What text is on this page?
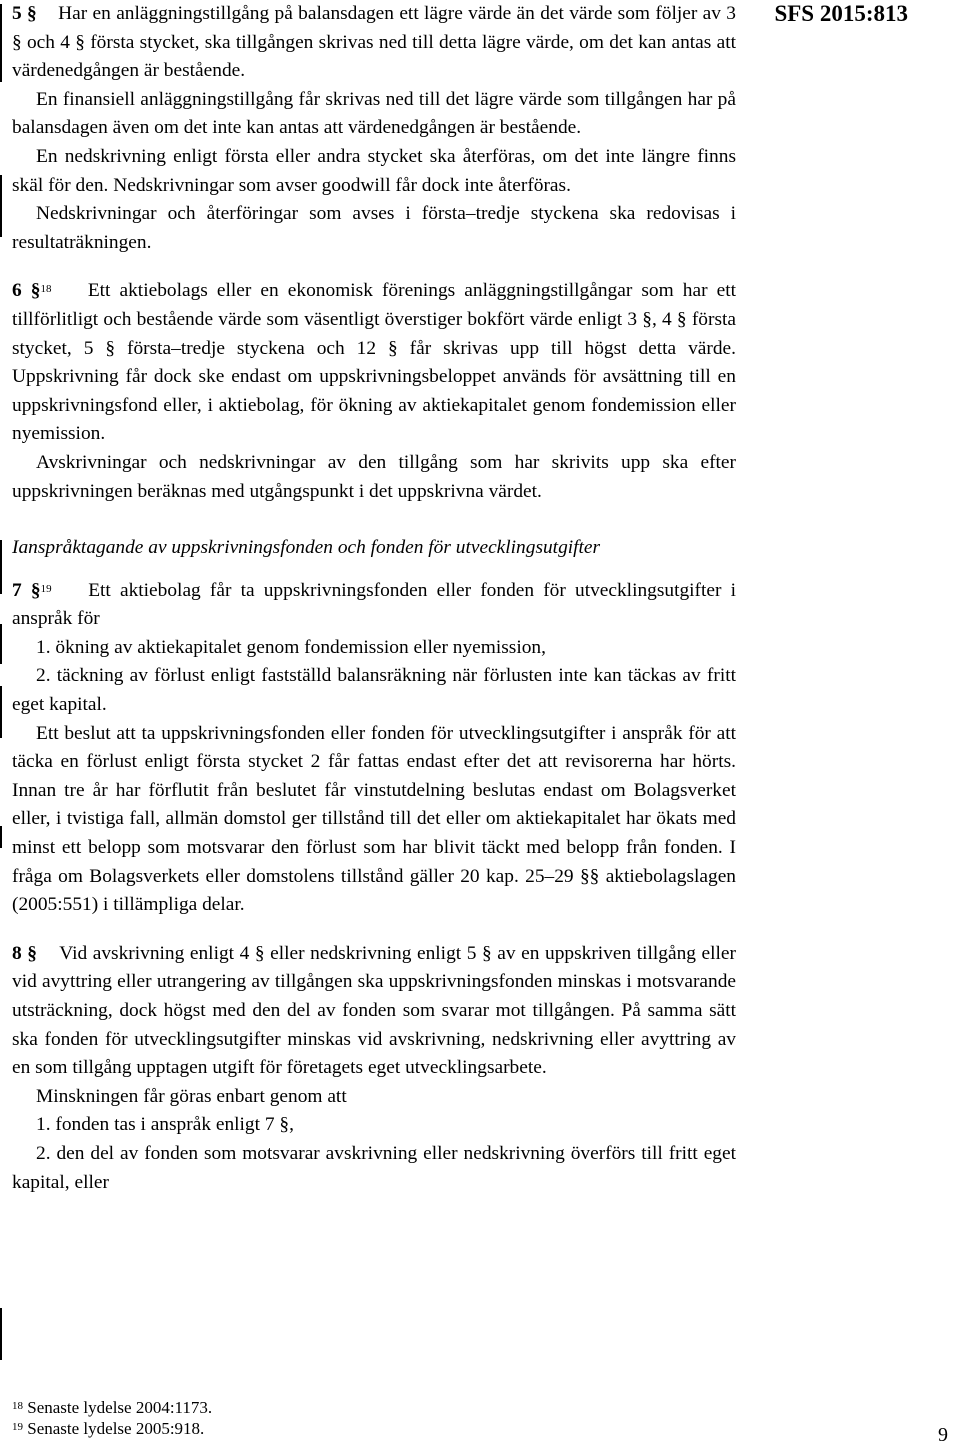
SFS 2015:813

5 § Har en anläggningstillgång på balansdagen ett lägre värde än det värde som följer av 3 § och 4 § första stycket, ska tillgången skrivas ned till detta lägre värde, om det kan antas att värdenedgången är bestående.

En finansiell anläggningstillgång får skrivas ned till det lägre värde som tillgången har på balansdagen även om det inte kan antas att värdenedgången är bestående.

En nedskrivning enligt första eller andra stycket ska återföras, om det inte längre finns skäl för den. Nedskrivningar som avser goodwill får dock inte återföras.

Nedskrivningar och återföringar som avses i första–tredje styckena ska redovisas i resultaträkningen.

6 §$^{18}$ Ett aktiebolags eller en ekonomisk förenings anläggningstillgångar som har ett tillförlitligt och bestående värde som väsentligt överstiger bokfört värde enligt 3 §, 4 § första stycket, 5 § första–tredje styckena och 12 § får skrivas upp till högst detta värde. Uppskrivning får dock ske endast om uppskrivningsbeloppet används för avsättning till en uppskrivningsfond eller, i aktiebolag, för ökning av aktiekapitalet genom fondemission eller nyemission.

Avskrivningar och nedskrivningar av den tillgång som har skrivits upp ska efter uppskrivningen beräknas med utgångspunkt i det uppskrivna värdet.

Ianspråktagande av uppskrivningsfonden och fonden för utvecklingsutgifter

7 §$^{19}$ Ett aktiebolag får ta uppskrivningsfonden eller fonden för utvecklingsutgifter i anspråk för

1. ökning av aktiekapitalet genom fondemission eller nyemission,

2. täckning av förlust enligt fastställd balansräkning när förlusten inte kan täckas av fritt eget kapital.

Ett beslut att ta uppskrivningsfonden eller fonden för utvecklingsutgifter i anspråk för att täcka en förlust enligt första stycket 2 får fattas endast efter det att revisorerna har hörts. Innan tre år har förflutit från beslutet får vinstutdelning beslutas endast om Bolagsverket eller, i tvistiga fall, allmän domstol ger tillstånd till det eller om aktiekapitalet har ökats med minst ett belopp som motsvarar den förlust som har blivit täckt med belopp från fonden. I fråga om Bolagsverkets eller domstolens tillstånd gäller 20 kap. 25–29 §§ aktiebolagslagen (2005:551) i tillämpliga delar.

8 § Vid avskrivning enligt 4 § eller nedskrivning enligt 5 § av en uppskriven tillgång eller vid avyttring eller utrangering av tillgången ska uppskrivningsfonden minskas i motsvarande utsträckning, dock högst med den del av fonden som svarar mot tillgången. På samma sätt ska fonden för utvecklingsutgifter minskas vid avskrivning, nedskrivning eller avyttring av en som tillgång upptagen utgift för företagets eget utvecklingsarbete.

Minskningen får göras enbart genom att

1. fonden tas i anspråk enligt 7 §,

2. den del av fonden som motsvarar avskrivning eller nedskrivning överförs till fritt eget kapital, eller

$^{18}$ Senaste lydelse 2004:1173.

$^{19}$ Senaste lydelse 2005:918.	9
